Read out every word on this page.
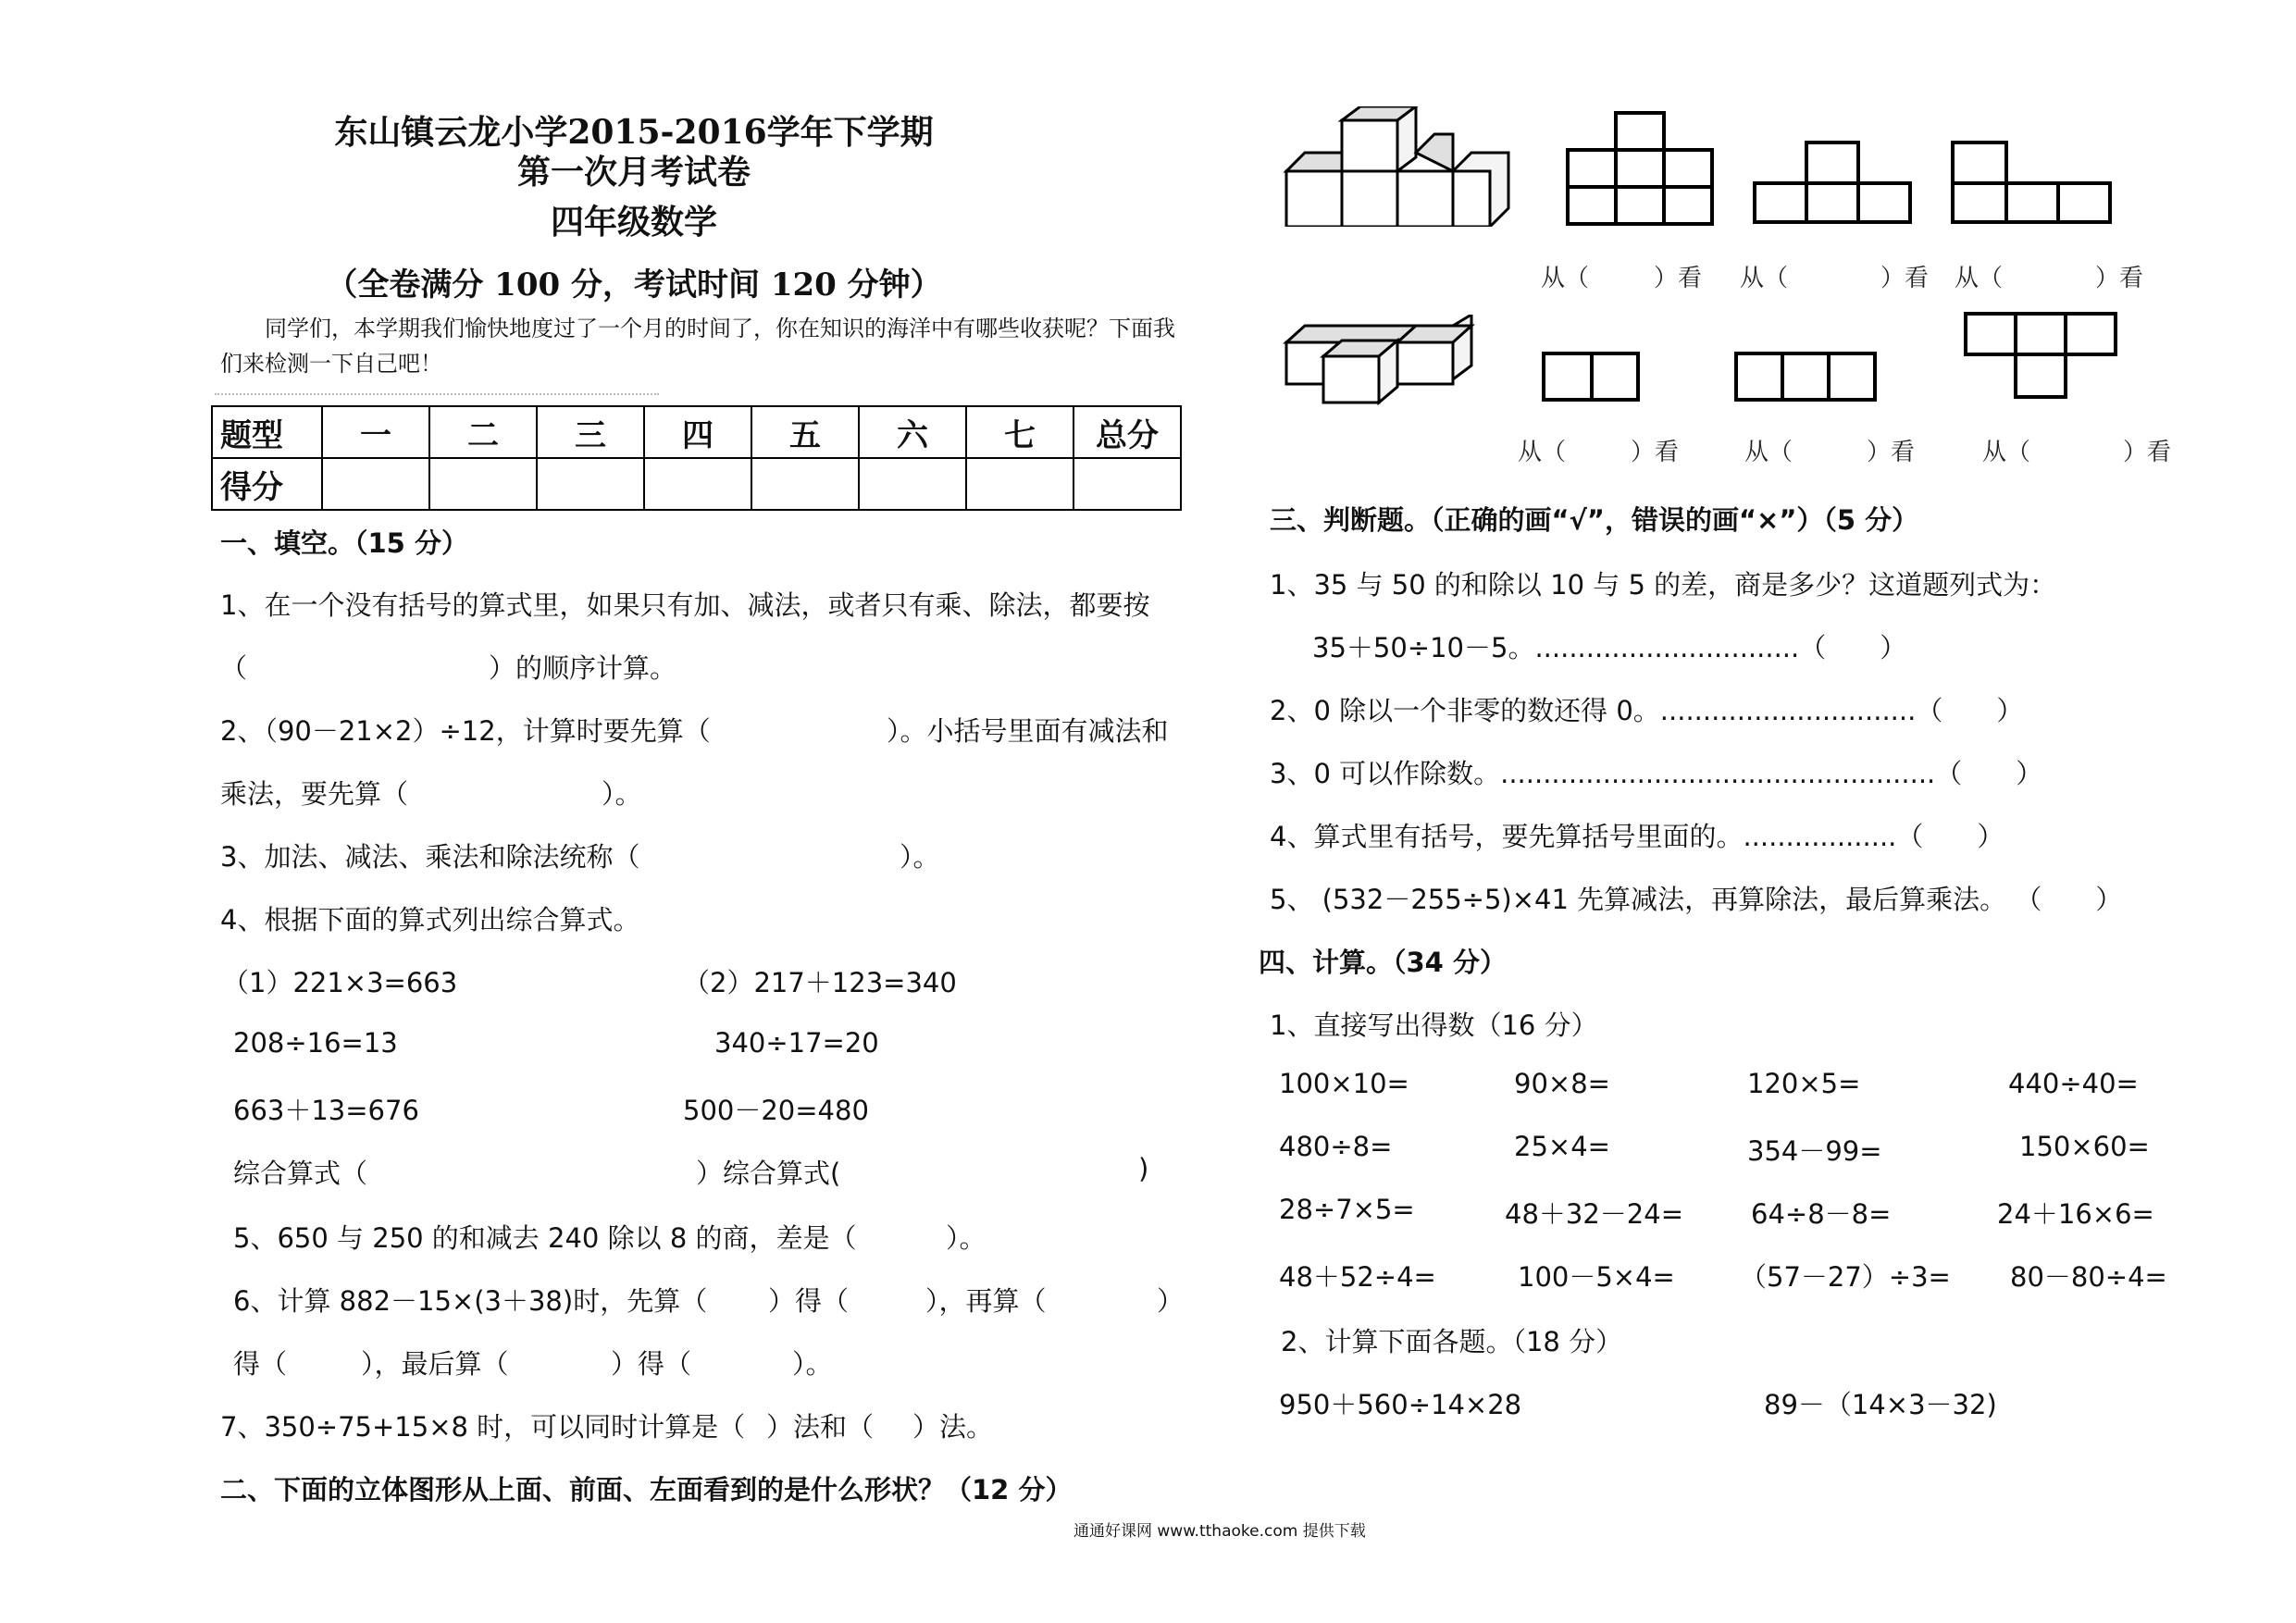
东山镇云龙小学2015-2016学年下学期
第一次月考试卷
四年级数学
（全卷满分 100 分，考试时间 120 分钟）
同学们，本学期我们愉快地度过了一个月的时间了，你在知识的海洋中有哪些收获呢？下面我们来检测一下自己吧！
题型	一	二	三	四	五	六	七	总分
得分								
一、填空。（15 分）
1、在一个没有括号的算式里，如果只有加、减法，或者只有乘、除法，都要按
（	）的顺序计算。
2、（90－21×2）÷12，计算时要先算（	）。小括号里面有减法和
乘法，要先算（	）。
3、加法、减法、乘法和除法统称（	）。
4、根据下面的算式列出综合算式。
（1）221×3=663	（2）217＋123=340
208÷16=13	340÷17=20
663＋13=676	500－20=480
综合算式（	）综合算式(	)
5、650 与 250 的和减去 240 除以 8 的商，差是（	）。
6、计算 882－15×(3＋38)时，先算（ ）得（	），再算（	）
得（	），最后算（	）得（	）。
7、350÷75+15×8 时，可以同时计算是（ ）法和（ ）法。
二、下面的立体图形从上面、前面、左面看到的是什么形状？（12 分）
从（	）看 从（	）看 从（	）看
从（	）看	从（	）看	从（	）看
三、判断题。（正确的画“√”，错误的画“×”）（5 分）
1、35 与 50 的和除以 10 与 5 的差，商是多少？这道题列式为：
35＋50÷10－5。...............................（　　）
2、0 除以一个非零的数还得 0。..............................（　　）
3、0 可以作除数。...................................................（　　）
4、算式里有括号，要先算括号里面的。..................（　　）
5、 (532－255÷5)×41 先算减法，再算除法，最后算乘法。 （　　）
四、计算。（34 分）
1、直接写出得数（16 分）
100×10=	90×8=	120×5=	440÷40=
480÷8=	25×4=	354－99=	150×60=
28÷7×5=	48＋32－24=	64÷8－8=	24＋16×6=
48＋52÷4=	100－5×4= （57－27）÷3= 80－80÷4=
2、计算下面各题。（18 分）
950＋560÷14×28	89－（14×3－32)
通通好课网 www.tthaoke.com 提供下载
